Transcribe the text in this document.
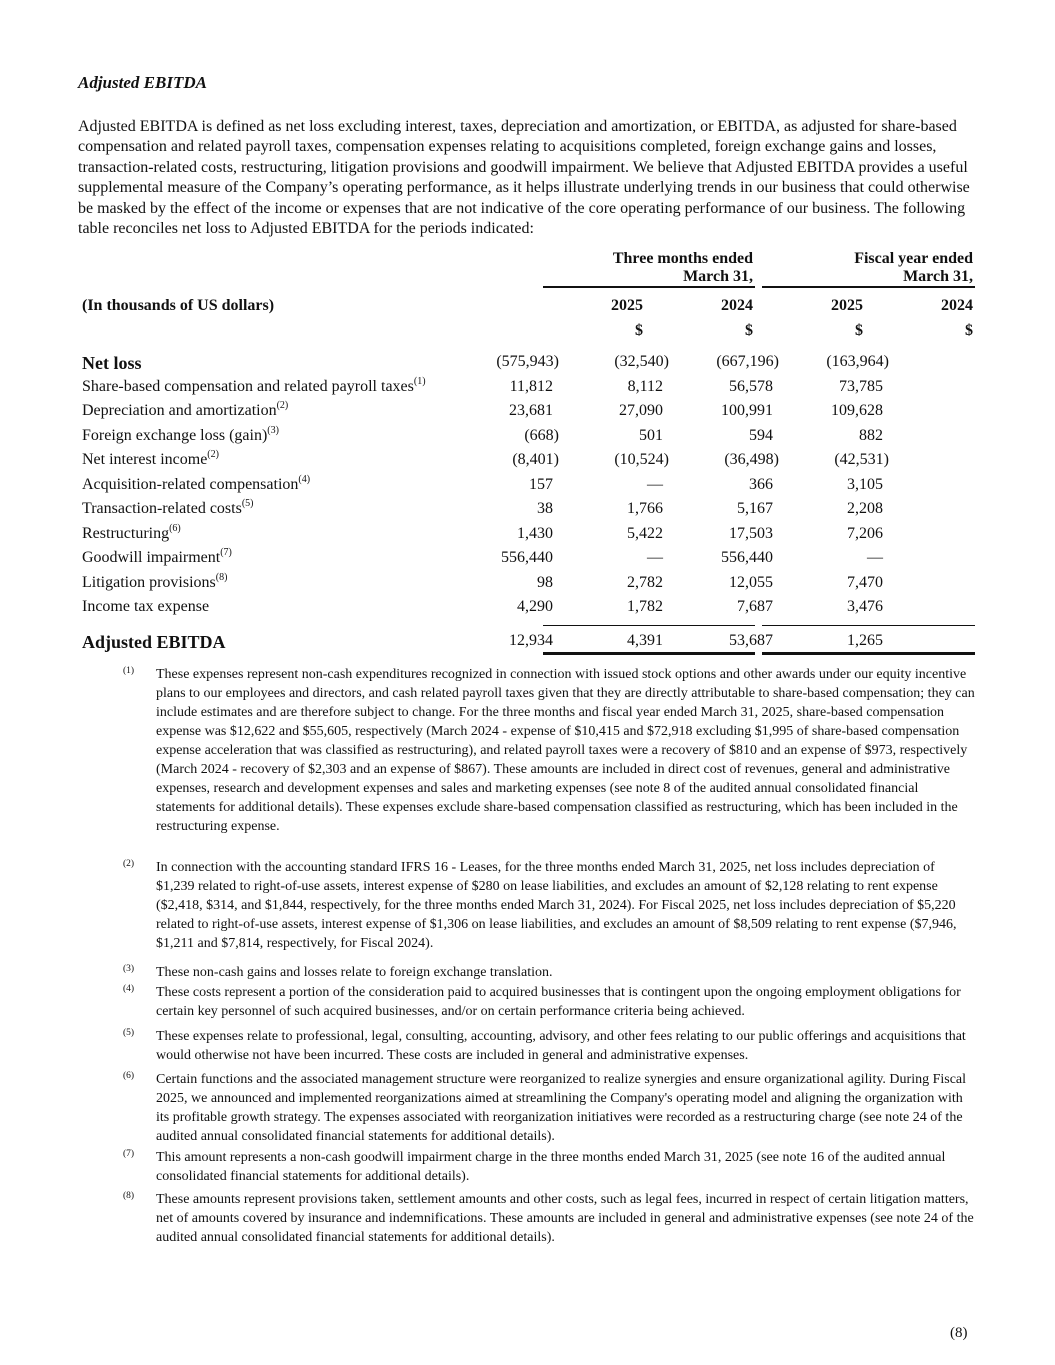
Adjusted EBITDA

Adjusted EBITDA is defined as net loss excluding interest, taxes, depreciation and amortization, or EBITDA, as adjusted for share-based compensation and related payroll taxes, compensation expenses relating to acquisitions completed, foreign exchange gains and losses, transaction-related costs, restructuring, litigation provisions and goodwill impairment. We believe that Adjusted EBITDA provides a useful supplemental measure of the Company’s operating performance, as it helps illustrate underlying trends in our business that could otherwise be masked by the effect of the income or expenses that are not indicative of the core operating performance of our business. The following table reconciles net loss to Adjusted EBITDA for the periods indicated:

Three months ended
March 31,
Fiscal year ended
March 31,
(In thousands of US dollars)	2025	2024	2025	2024
$	$	$	$
Net loss	(575,943)	(32,540)	(667,196)	(163,964)
Share-based compensation and related payroll taxes$^{(1)}$	11,812	8,112	56,578	73,785
Depreciation and amortization$^{(2)}$	23,681	27,090	100,991	109,628
Foreign exchange loss (gain)$^{(3)}$	(668)	501	594	882
Net interest income$^{(2)}$	(8,401)	(10,524)	(36,498)	(42,531)
Acquisition-related compensation$^{(4)}$	157	—	366	3,105
Transaction-related costs$^{(5)}$	38	1,766	5,167	2,208
Restructuring$^{(6)}$	1,430	5,422	17,503	7,206
Goodwill impairment$^{(7)}$	556,440	—	556,440	—
Litigation provisions$^{(8)}$	98	2,782	12,055	7,470
Income tax expense	4,290	1,782	7,687	3,476
Adjusted EBITDA	12,934	4,391	53,687	1,265
(1) These expenses represent non-cash expenditures recognized in connection with issued stock options and other awards under our equity incentive plans to our employees and directors, and cash related payroll taxes given that they are directly attributable to share-based compensation; they can include estimates and are therefore subject to change. For the three months and fiscal year ended March 31, 2025, share-based compensation expense was $12,622 and $55,605, respectively (March 2024 - expense of $10,415 and $72,918 excluding $1,995 of share-based compensation expense acceleration that was classified as restructuring), and related payroll taxes were a recovery of $810 and an expense of $973, respectively (March 2024 - recovery of $2,303 and an expense of $867). These amounts are included in direct cost of revenues, general and administrative expenses, research and development expenses and sales and marketing expenses (see note 8 of the audited annual consolidated financial statements for additional details). These expenses exclude share-based compensation classified as restructuring, which has been included in the restructuring expense.
(2) In connection with the accounting standard IFRS 16 - Leases, for the three months ended March 31, 2025, net loss includes depreciation of $1,239 related to right-of-use assets, interest expense of $280 on lease liabilities, and excludes an amount of $2,128 relating to rent expense ($2,418, $314, and $1,844, respectively, for the three months ended March 31, 2024). For Fiscal 2025, net loss includes depreciation of $5,220 related to right-of-use assets, interest expense of $1,306 on lease liabilities, and excludes an amount of $8,509 relating to rent expense ($7,946, $1,211 and $7,814, respectively, for Fiscal 2024).
(3) These non-cash gains and losses relate to foreign exchange translation.
(4) These costs represent a portion of the consideration paid to acquired businesses that is contingent upon the ongoing employment obligations for certain key personnel of such acquired businesses, and/or on certain performance criteria being achieved.
(5) These expenses relate to professional, legal, consulting, accounting, advisory, and other fees relating to our public offerings and acquisitions that would otherwise not have been incurred. These costs are included in general and administrative expenses.
(6) Certain functions and the associated management structure were reorganized to realize synergies and ensure organizational agility. During Fiscal 2025, we announced and implemented reorganizations aimed at streamlining the Company's operating model and aligning the organization with its profitable growth strategy. The expenses associated with reorganization initiatives were recorded as a restructuring charge (see note 24 of the audited annual consolidated financial statements for additional details).
(7) This amount represents a non-cash goodwill impairment charge in the three months ended March 31, 2025 (see note 16 of the audited annual consolidated financial statements for additional details).
(8) These amounts represent provisions taken, settlement amounts and other costs, such as legal fees, incurred in respect of certain litigation matters, net of amounts covered by insurance and indemnifications. These amounts are included in general and administrative expenses (see note 24 of the audited annual consolidated financial statements for additional details).
(8)
